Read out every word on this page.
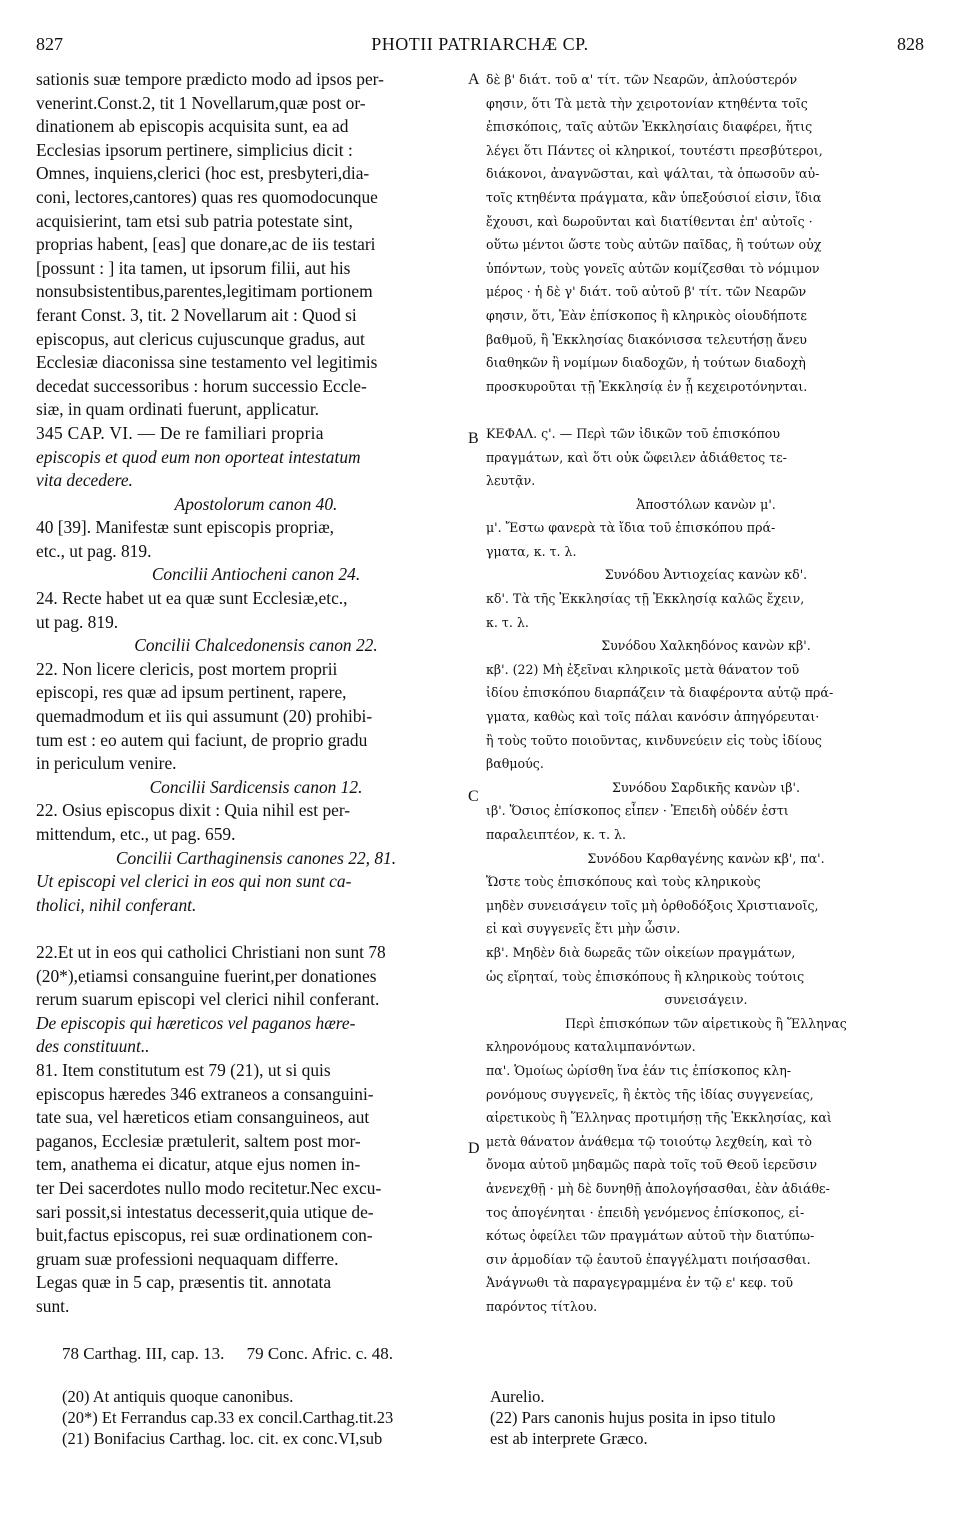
827	PHOTII PATRIARCHÆ CP.	828
A
B
C
D
sationis suæ tempore prædicto modo ad ipsos per-
venerint.Const.2, tit 1 Novellarum,quæ post or-
dinationem ab episcopis acquisita sunt, ea ad
Ecclesias ipsorum pertinere, simplicius dicit :
Omnes, inquiens,clerici (hoc est, presbyteri,dia-
coni, lectores,cantores) quas res quomodocunque
acquisierint, tam etsi sub patria potestate sint,
proprias habent, [eas] que donare,ac de iis testari
[possunt : ] ita tamen, ut ipsorum filii, aut his
nonsubsistentibus,parentes,legitimam portionem
ferant Const. 3, tit. 2 Novellarum ait : Quod si
episcopus, aut clericus cujuscunque gradus, aut
Ecclesiæ diaconissa sine testamento vel legitimis
decedat successoribus : horum successio Eccle-
siæ, in quam ordinati fuerunt, applicatur.
345 CAP. VI. — De re familiari propria
episcopis et quod eum non oporteat intestatum
vita decedere.
Apostolorum canon 40.
40 [39]. Manifestæ sunt episcopis propriæ,
etc., ut pag. 819.
Concilii Antiocheni canon 24.
24. Recte habet ut ea quæ sunt Ecclesiæ,etc.,
ut pag. 819.
Concilii Chalcedonensis canon 22.
22. Non licere clericis, post mortem proprii
episcopi, res quæ ad ipsum pertinent, rapere,
quemadmodum et iis qui assumunt (20) prohibi-
tum est : eo autem qui faciunt, de proprio gradu
in periculum venire.
Concilii Sardicensis canon 12.
22. Osius episcopus dixit : Quia nihil est per-
mittendum, etc., ut pag. 659.
Concilii Carthaginensis canones 22, 81.
Ut episcopi vel clerici in eos qui non sunt ca-
tholici, nihil conferant.
22.Et ut in eos qui catholici Christiani non sunt 78
(20*),etiamsi consanguine fuerint,per donationes
rerum suarum episcopi vel clerici nihil conferant.
De episcopis qui hæreticos vel paganos hære-
des constituunt..
81. Item constitutum est 79 (21), ut si quis
episcopus hæredes 346 extraneos a consanguini-
tate sua, vel hæreticos etiam consanguineos, aut
paganos, Ecclesiæ prætulerit, saltem post mor-
tem, anathema ei dicatur, atque ejus nomen in-
ter Dei sacerdotes nullo modo recitetur.Nec excu-
sari possit,si intestatus decesserit,quia utique de-
buit,factus episcopus, rei suæ ordinationem con-
gruam suæ professioni nequaquam differre.
Legas quæ in 5 cap, præsentis tit. annotata
sunt.
δὲ β' διάτ. τοῦ α' τίτ. τῶν Νεαρῶν, ἀπλούστερόν
φησιν, ὅτι Τὰ μετὰ τὴν χειροτονίαν κτηθέντα τοῖς
ἐπισκόποις, ταῖς αὐτῶν Ἐκκλησίαις διαφέρει, ἥτις
λέγει ὅτι Πάντες οἱ κληρικοί, τουτέστι πρεσβύτεροι,
διάκονοι, ἀναγνῶσται, καὶ ψάλται, τὰ ὁπωσοῦν αὐ-
τοῖς κτηθέντα πράγματα, κἂν ὑπεξούσιοί εἰσιν, ἴδια
ἔχουσι, καὶ δωροῦνται καὶ διατίθενται ἐπ' αὐτοῖς ·
οὕτω μέντοι ὥστε τοὺς αὐτῶν παῖδας, ἢ τούτων οὐχ
ὑπόντων, τοὺς γονεῖς αὐτῶν κομίζεσθαι τὸ νόμιμον
μέρος · ἡ δὲ γ' διάτ. τοῦ αὐτοῦ β' τίτ. τῶν Νεαρῶν
φησιν, ὅτι, Ἐὰν ἐπίσκοπος ἢ κληρικὸς οἱουδήποτε
βαθμοῦ, ἢ Ἐκκλησίας διακόνισσα τελευτήσῃ ἄνευ
διαθηκῶν ἢ νομίμων διαδοχῶν, ἡ τούτων διαδοχὴ
προσκυροῦται τῇ Ἐκκλησίᾳ ἐν ᾗ κεχειροτόνηνται.
ΚΕΦΑΛ. ς'. — Περὶ τῶν ἰδικῶν τοῦ ἐπισκόπου
πραγμάτων, καὶ ὅτι οὐκ ὤφειλεν ἀδιάθετος τε-
λευτᾷν.
Ἀποστόλων κανὼν μ'.
μ'. Ἔστω φανερὰ τὰ ἴδια τοῦ ἐπισκόπου πρά-
γματα, κ. τ. λ.
Συνόδου Ἀντιοχείας κανὼν κδ'.
κδ'. Τὰ τῆς Ἐκκλησίας τῇ Ἐκκλησίᾳ καλῶς ἔχειν,
κ. τ. λ.
Συνόδου Χαλκηδόνος κανὼν κβ'.
κβ'. (22) Μὴ ἐξεῖναι κληρικοῖς μετὰ θάνατον τοῦ
ἰδίου ἐπισκόπου διαρπάζειν τὰ διαφέροντα αὐτῷ πρά-
γματα, καθὼς καὶ τοῖς πάλαι κανόσιν ἀπηγόρευται·
ἢ τοὺς τοῦτο ποιοῦντας, κινδυνεύειν εἰς τοὺς ἰδίους
βαθμούς.
Συνόδου Σαρδικῆς κανὼν ιβ'.
ιβ'. Ὅσιος ἐπίσκοπος εἶπεν · Ἐπειδὴ οὐδέν ἐστι
παραλειπτέον, κ. τ. λ.
Συνόδου Καρθαγένης κανὼν κβ', πα'.
Ὥστε τοὺς ἐπισκόπους καὶ τοὺς κληρικοὺς
μηδὲν συνεισάγειν τοῖς μὴ ὀρθοδόξοις Χριστιανοῖς,
εἰ καὶ συγγενεῖς ἔτι μὴν ὦσιν.
κβ'. Μηδὲν διὰ δωρεᾶς τῶν οἰκείων πραγμάτων,
ὡς εἴρηταί, τοὺς ἐπισκόπους ἢ κληρικοὺς τούτοις
συνεισάγειν.
Περὶ ἐπισκόπων τῶν αἱρετικοὺς ἢ Ἕλληνας
κληρονόμους καταλιμπανόντων.
πα'. Ὁμοίως ὡρίσθη ἵνα ἐάν τις ἐπίσκοπος κλη-
ρονόμους συγγενεῖς, ἢ ἐκτὸς τῆς ἰδίας συγγενείας,
αἱρετικοὺς ἢ Ἕλληνας προτιμήσῃ τῆς Ἐκκλησίας, καὶ
μετὰ θάνατον ἀνάθεμα τῷ τοιούτῳ λεχθείη, καὶ τὸ
ὄνομα αὐτοῦ μηδαμῶς παρὰ τοῖς τοῦ Θεοῦ ἱερεῦσιν
ἀνενεχθῇ · μὴ δὲ δυνηθῇ ἀπολογήσασθαι, ἐὰν ἀδιάθε-
τος ἀπογένηται · ἐπειδὴ γενόμενος ἐπίσκοπος, εἰ-
κότως ὀφείλει τῶν πραγμάτων αὐτοῦ τὴν διατύπω-
σιν ἁρμοδίαν τῷ ἑαυτοῦ ἐπαγγέλματι ποιήσασθαι.
Ἀνάγνωθι τὰ παραγεγραμμένα ἐν τῷ ε' κεφ. τοῦ
παρόντος τίτλου.
78 Carthag. III, cap. 13. 79 Conc. Afric. c. 48.
(20) At antiquis quoque canonibus.
(20*) Et Ferrandus cap.33 ex concil.Carthag.tit.23
(21) Bonifacius Carthag. loc. cit. ex conc.VI,sub
Aurelio.
(22) Pars canonis hujus posita in ipso titulo
est ab interprete Græco.
